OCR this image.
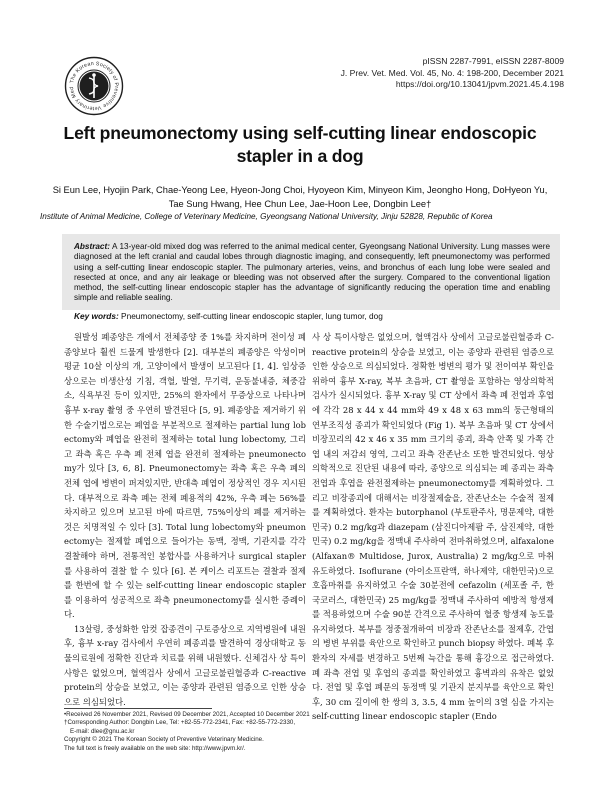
The Korean Society of Preventive Veterinary Med
pISSN 2287-7991, eISSN 2287-8009
J. Prev. Vet. Med. Vol. 45, No. 4: 198-200, December 2021
https://doi.org/10.13041/jpvm.2021.45.4.198
Left pneumonectomy using self-cutting linear endoscopic
stapler in a dog
Si Eun Lee, Hyojin Park, Chae-Yeong Lee, Hyeon-Jong Choi, Hyoyeon Kim, Minyeon Kim, Jeongho Hong, DoHyeon Yu,
Tae Sung Hwang, Hee Chun Lee, Jae-Hoon Lee, Dongbin Lee†
Institute of Animal Medicine, College of Veterinary Medicine, Gyeongsang National University, Jinju 52828, Republic of Korea
Abstract: A 13-year-old mixed dog was referred to the animal medical center, Gyeongsang National University. Lung masses were diagnosed at the left cranial and caudal lobes through diagnostic imaging, and consequently, left pneumonectomy was performed using a self-cutting linear endoscopic stapler. The pulmonary arteries, veins, and bronchus of each lung lobe were sealed and resected at once, and any air leakage or bleeding was not observed after the surgery. Compared to the conventional ligation method, the self-cutting linear endoscopic stapler has the advantage of significantly reducing the operation time and enabling simple and reliable sealing.
Key words: Pneumonectomy, self-cutting linear endoscopic stapler, lung tumor, dog

원발성 폐종양은 개에서 전체종양 중 1%를 차지하며 전이성 폐종양보다 훨씬 드물게 발생한다 [2]. 대부분의 폐종양은 악성이며 평균 10살 이상의 개, 고양이에서 발생이 보고된다 [1, 4]. 임상증상으로는 비생산성 기침, 객혈, 발열, 무기력, 운동불내증, 체중감소, 식욕부진 등이 있지만, 25%의 환자에서 무증상으로 나타나며 흉부 x-ray 촬영 중 우연히 발견된다 [5, 9]. 폐종양을 제거하기 위한 수술기법으로는 폐엽을 부분적으로 절제하는 partial lung lobectomy와 폐엽을 완전히 절제하는 total lung lobectomy, 그리고 좌측 혹은 우측 폐 전체 엽을 완전히 절제하는 pneumonectomy가 있다 [3, 6, 8]. Pneumonectomy는 좌측 혹은 우측 폐의 전체 엽에 병변이 퍼져있지만, 반대측 폐엽이 정상적인 경우 지시된다. 대부적으로 좌측 폐는 전체 폐용적의 42%, 우측 폐는 56%를 차지하고 있으며 보고된 바에 따르면, 75%이상의 폐를 제거하는 것은 치명적일 수 있다 [3]. Total lung lobectomy와 pneumonectomy는 절제할 폐엽으로 들어가는 동맥, 정맥, 기관지를 각각 결찰해야 하며, 전통적인 봉합사를 사용하거나 surgical stapler를 사용하여 결찰 할 수 있다 [6]. 본 케이스 리포트는 결찰과 절제를 한번에 할 수 있는 self-cutting linear endoscopic stapler를 이용하여 성공적으로 좌측 pneumonectomy를 실시한 증례이다.

13살령, 중성화한 암컷 잡종견이 구토증상으로 지역병원에 내원 후, 흉부 x-ray 검사에서 우연히 폐종괴를 발견하여 경상대학교 동물의료원에 정확한 진단과 치료를 위해 내원했다. 신체검사 상 특이사항은 없었으며, 혈액검사 상에서 고글로불린혈증과 C-reactive protein의 상승을 보였고, 이는 종양과 관련된 염증으로 인한 상승으로 의심되었다.

사 상 특이사항은 없었으며, 혈액검사 상에서 고글로불린혈증과 C-reactive protein의 상승을 보였고, 이는 종양과 관련된 염증으로 인한 상승으로 의심되었다. 정확한 병변의 평가 및 전이여부 확인을 위하여 흉부 X-ray, 복부 초음파, CT 촬영을 포함하는 영상의학적 검사가 실시되었다. 흉부 X-ray 및 CT 상에서 좌측 폐 전엽과 후엽에 각각 28 x 44 x 44 mm와 49 x 48 x 63 mm의 둥근형태의 연부조직성 종괴가 확인되었다 (Fig 1). 복부 초음파 및 CT 상에서 비장꼬리의 42 x 46 x 35 mm 크기의 종괴, 좌측 안쪽 및 가쪽 간엽 내의 저감쇠 영역, 그리고 좌측 잔존난소 또한 발견되었다. 영상의학적으로 진단된 내용에 따라, 종양으로 의심되는 폐 종괴는 좌측 전엽과 후엽을 완전절제하는 pneumonectomy를 계획하였다. 그리고 비장종괴에 대해서는 비장절제술을, 잔존난소는 수술적 절제를 계획하였다. 환자는 butorphanol (부토판주사, 명문제약, 대한민국) 0.2 mg/kg과 diazepam (삼진디아제팜 주, 삼진제약, 대한민국) 0.2 mg/kg을 정맥내 주사하여 전마취하였으며, alfaxalone (Alfaxan® Multidose, Jurox, Australia) 2 mg/kg으로 마취 유도하였다. Isoflurane (아이소프란액, 하나제약, 대한민국)으로 호흡마취를 유지하였고 수술 30분전에 cefazolin (세포졸 주, 한국코러스, 대한민국) 25 mg/kg를 정맥내 주사하여 예방적 항생제를 적용하였으며 수술 90분 간격으로 주사하여 혈중 항생제 농도를 유지하였다. 복부를 정중절개하여 비장과 잔존난소를 절제후, 간엽의 병변 부위를 육안으로 확인하고 punch biopsy 하였다. 폐복 후 환자의 자세를 변경하고 5번째 늑간을 통해 흉강으로 접근하였다. 폐 좌측 전엽 및 후엽의 종괴를 확인하였고 흉벽과의 유착은 없었다. 전엽 및 후엽 폐문의 동정맥 및 기관지 분지부를 육안으로 확인 후, 30 cm 길이에 한 쌍의 3, 3.5, 4 mm 높이의 3열 심을 가지는 self-cutting linear endoscopic stapler (Endo

•Received 26 November 2021, Revised 09 December 2021, Accepted 10 December 2021
†Corresponding Author: Dongbin Lee, Tel: +82-55-772-2341, Fax: +82-55-772-2330,
E-mail: dlee@gnu.ac.kr
Copyright © 2021 The Korean Society of Preventive Veterinary Medicine.
The full text is freely available on the web site: http://www.jpvm.kr/.
